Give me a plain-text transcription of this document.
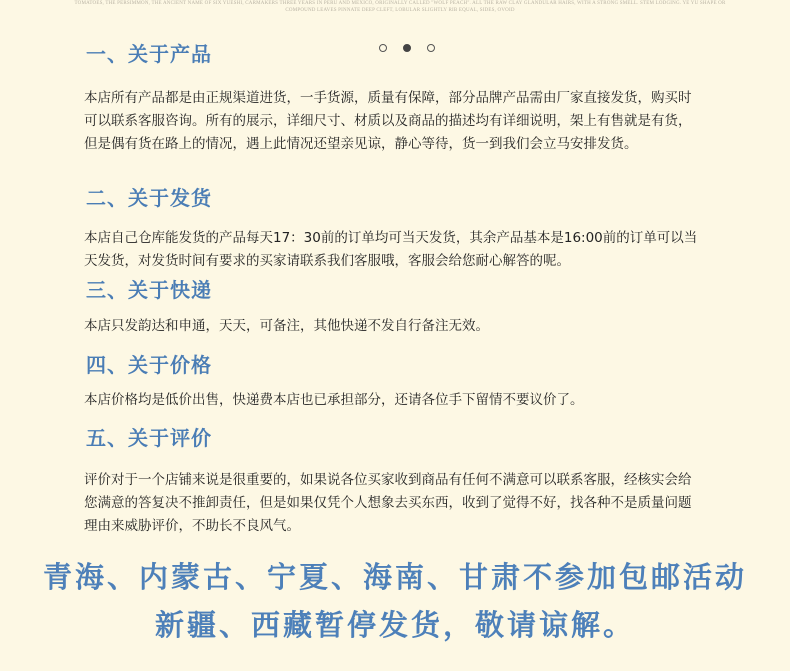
TOMATOES, THE PERSIMMON, THE ANCIENT NAME OF SIX YUESHI, CARMAKERS THREE YEARS IN PERU AND MEXICO, ORIGINALLY CALLED "WOLF PEACH". ALL THE RAW CLAY GLANDULAR HAIRS, WITH A STRONG SMELL. STEM LODGING. YE YU SHAPE OR COMPOUND LEAVES PINNATE DEEP CLEFT, LOBULAR SLIGHTLY RIB EQUAL, SIDES, OVOID
一、关于产品

本店所有产品都是由正规渠道进货，一手货源，质量有保障，部分品牌产品需由厂家直接发货，购买时可以联系客服咨询。所有的展示，详细尺寸、材质以及商品的描述均有详细说明，架上有售就是有货，但是偶有货在路上的情况，遇上此情况还望亲见谅，静心等待，货一到我们会立马安排发货。

二、关于发货

本店自己仓库能发货的产品每天17：30前的订单均可当天发货，其余产品基本是16:00前的订单可以当天发货，对发货时间有要求的买家请联系我们客服哦，客服会给您耐心解答的呢。

三、关于快递

本店只发韵达和申通，天天，可备注，其他快递不发自行备注无效。

四、关于价格

本店价格均是低价出售，快递费本店也已承担部分，还请各位手下留情不要议价了。

五、关于评价

评价对于一个店铺来说是很重要的，如果说各位买家收到商品有任何不满意可以联系客服，经核实会给您满意的答复决不推卸责任，但是如果仅凭个人想象去买东西，收到了觉得不好，找各种不是质量问题理由来威胁评价，不助长不良风气。

青海、内蒙古、宁夏、海南、甘肃不参加包邮活动
新疆、西藏暂停发货，敬请谅解。
